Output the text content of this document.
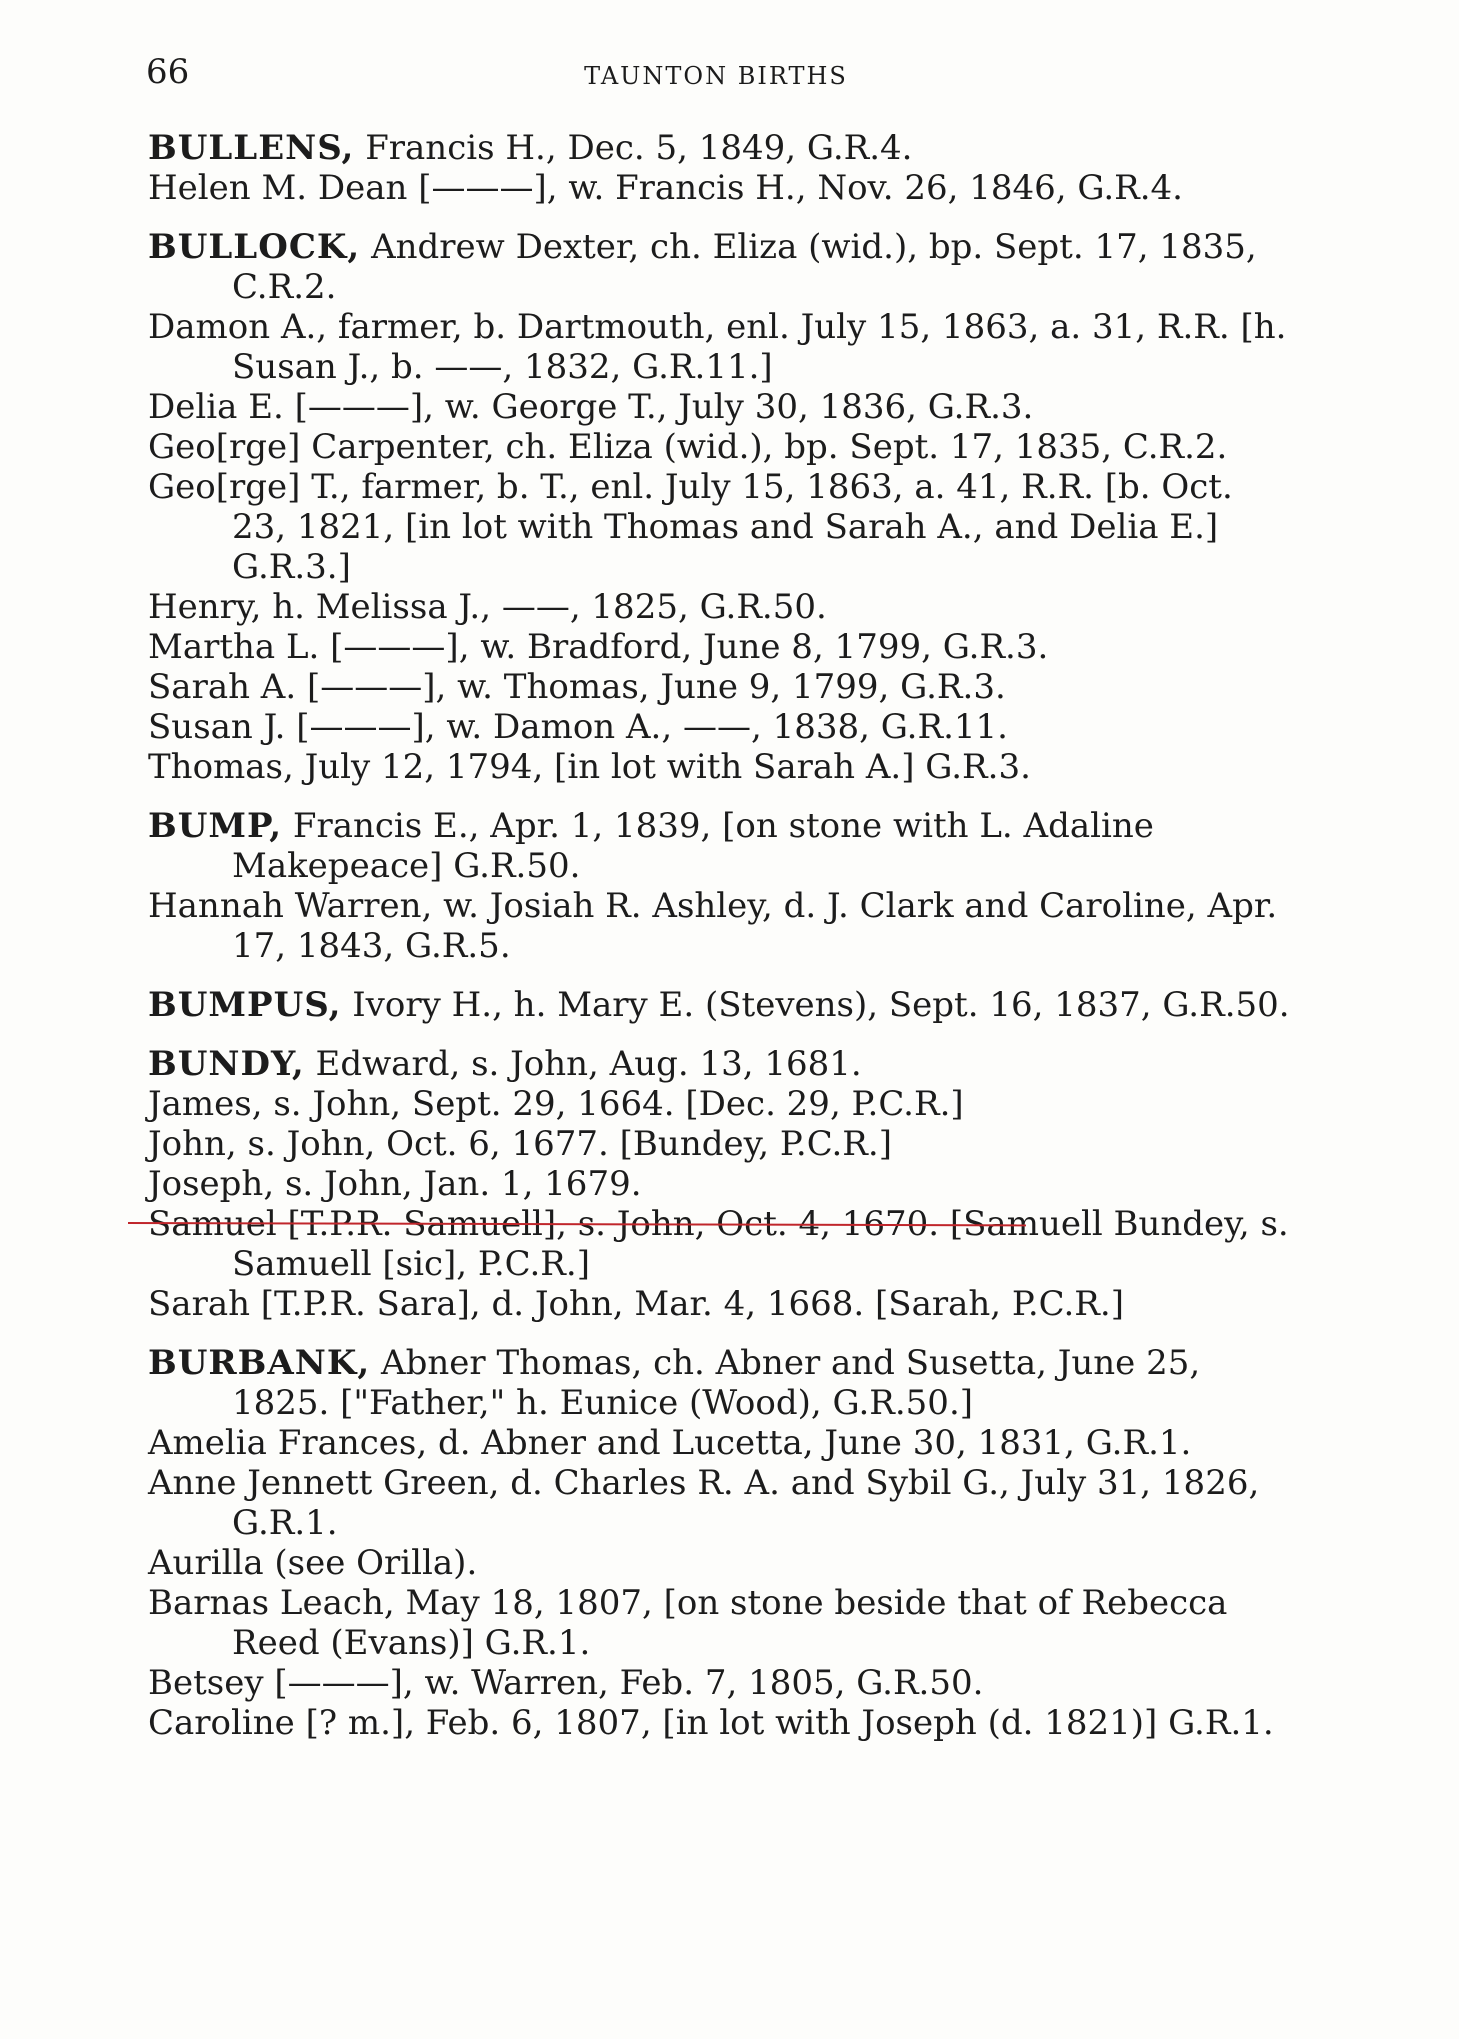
66	TAUNTON BIRTHS
BULLENS, Francis H., Dec. 5, 1849, G.R.4.
Helen M. Dean [———], w. Francis H., Nov. 26, 1846, G.R.4.
BULLOCK, Andrew Dexter, ch. Eliza (wid.), bp. Sept. 17, 1835, C.R.2.
Damon A., farmer, b. Dartmouth, enl. July 15, 1863, a. 31, R.R. [h. Susan J., b. ——, 1832, G.R.11.]
Delia E. [———], w. George T., July 30, 1836, G.R.3.
Geo[rge] Carpenter, ch. Eliza (wid.), bp. Sept. 17, 1835, C.R.2.
Geo[rge] T., farmer, b. T., enl. July 15, 1863, a. 41, R.R. [b. Oct. 23, 1821, [in lot with Thomas and Sarah A., and Delia E.] G.R.3.]
Henry, h. Melissa J., ——, 1825, G.R.50.
Martha L. [———], w. Bradford, June 8, 1799, G.R.3.
Sarah A. [———], w. Thomas, June 9, 1799, G.R.3.
Susan J. [———], w. Damon A., ——, 1838, G.R.11.
Thomas, July 12, 1794, [in lot with Sarah A.] G.R.3.
BUMP, Francis E., Apr. 1, 1839, [on stone with L. Adaline Makepeace] G.R.50.
Hannah Warren, w. Josiah R. Ashley, d. J. Clark and Caroline, Apr. 17, 1843, G.R.5.
BUMPUS, Ivory H., h. Mary E. (Stevens), Sept. 16, 1837, G.R.50.
BUNDY, Edward, s. John, Aug. 13, 1681.
James, s. John, Sept. 29, 1664. [Dec. 29, P.C.R.]
John, s. John, Oct. 6, 1677. [Bundey, P.C.R.]
Joseph, s. John, Jan. 1, 1679.
Samuel [T.P.R. Samuell], s. John, Oct. 4, 1670. [Samuell Bundey, s. Samuell [sic], P.C.R.]
Sarah [T.P.R. Sara], d. John, Mar. 4, 1668. [Sarah, P.C.R.]
BURBANK, Abner Thomas, ch. Abner and Susetta, June 25, 1825. ["Father," h. Eunice (Wood), G.R.50.]
Amelia Frances, d. Abner and Lucetta, June 30, 1831, G.R.1.
Anne Jennett Green, d. Charles R. A. and Sybil G., July 31, 1826, G.R.1.
Aurilla (see Orilla).
Barnas Leach, May 18, 1807, [on stone beside that of Rebecca Reed (Evans)] G.R.1.
Betsey [———], w. Warren, Feb. 7, 1805, G.R.50.
Caroline [? m.], Feb. 6, 1807, [in lot with Joseph (d. 1821)] G.R.1.
